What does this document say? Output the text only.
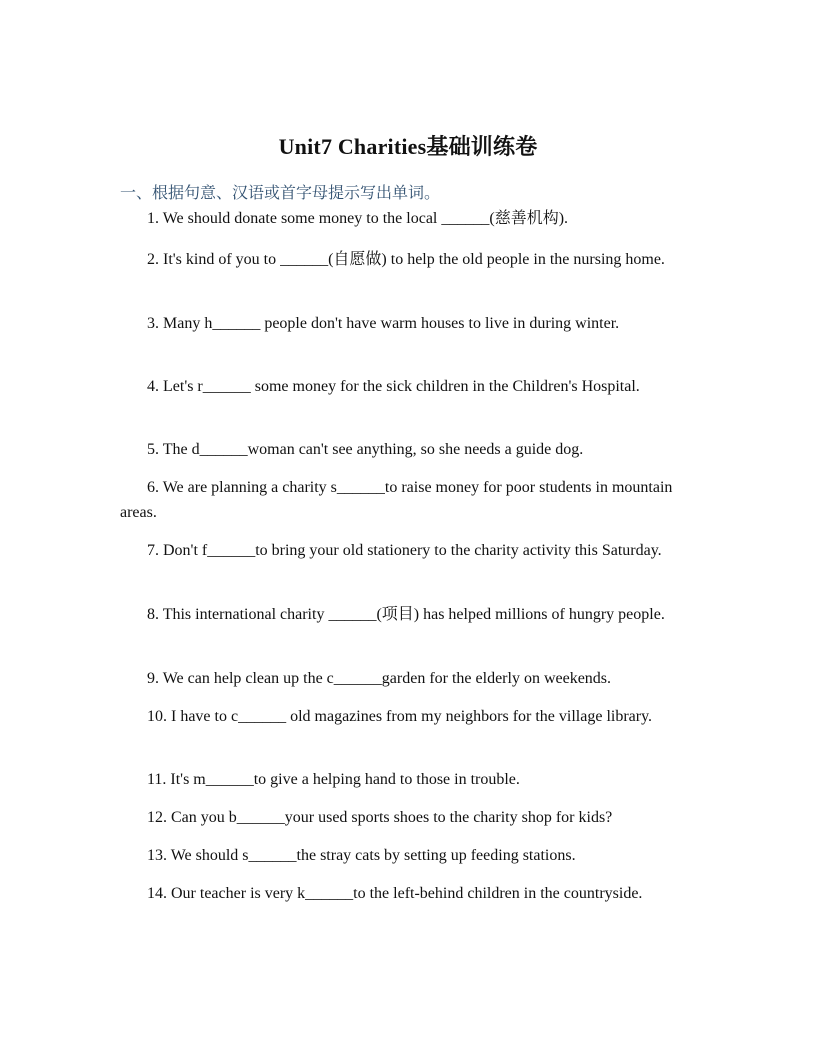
Unit7 Charities基础训练卷
一、根据句意、汉语或首字母提示写出单词。
1. We should donate some money to the local ______(慈善机构).
2. It's kind of you to ______(自愿做) to help the old people in the nursing home.
3. Many h______ people don't have warm houses to live in during winter.
4. Let's r______ some money for the sick children in the Children's Hospital.
5. The d______woman can't see anything, so she needs a guide dog.
6. We are planning a charity s______to raise money for poor students in mountain areas.
7. Don't f______to bring your old stationery to the charity activity this Saturday.
8. This international charity ______(项目) has helped millions of hungry people.
9. We can help clean up the c______garden for the elderly on weekends.
10. I have to c______ old magazines from my neighbors for the village library.
11. It's m______to give a helping hand to those in trouble.
12. Can you b______your used sports shoes to the charity shop for kids?
13. We should s______the stray cats by setting up feeding stations.
14. Our teacher is very k______to the left-behind children in the countryside.
